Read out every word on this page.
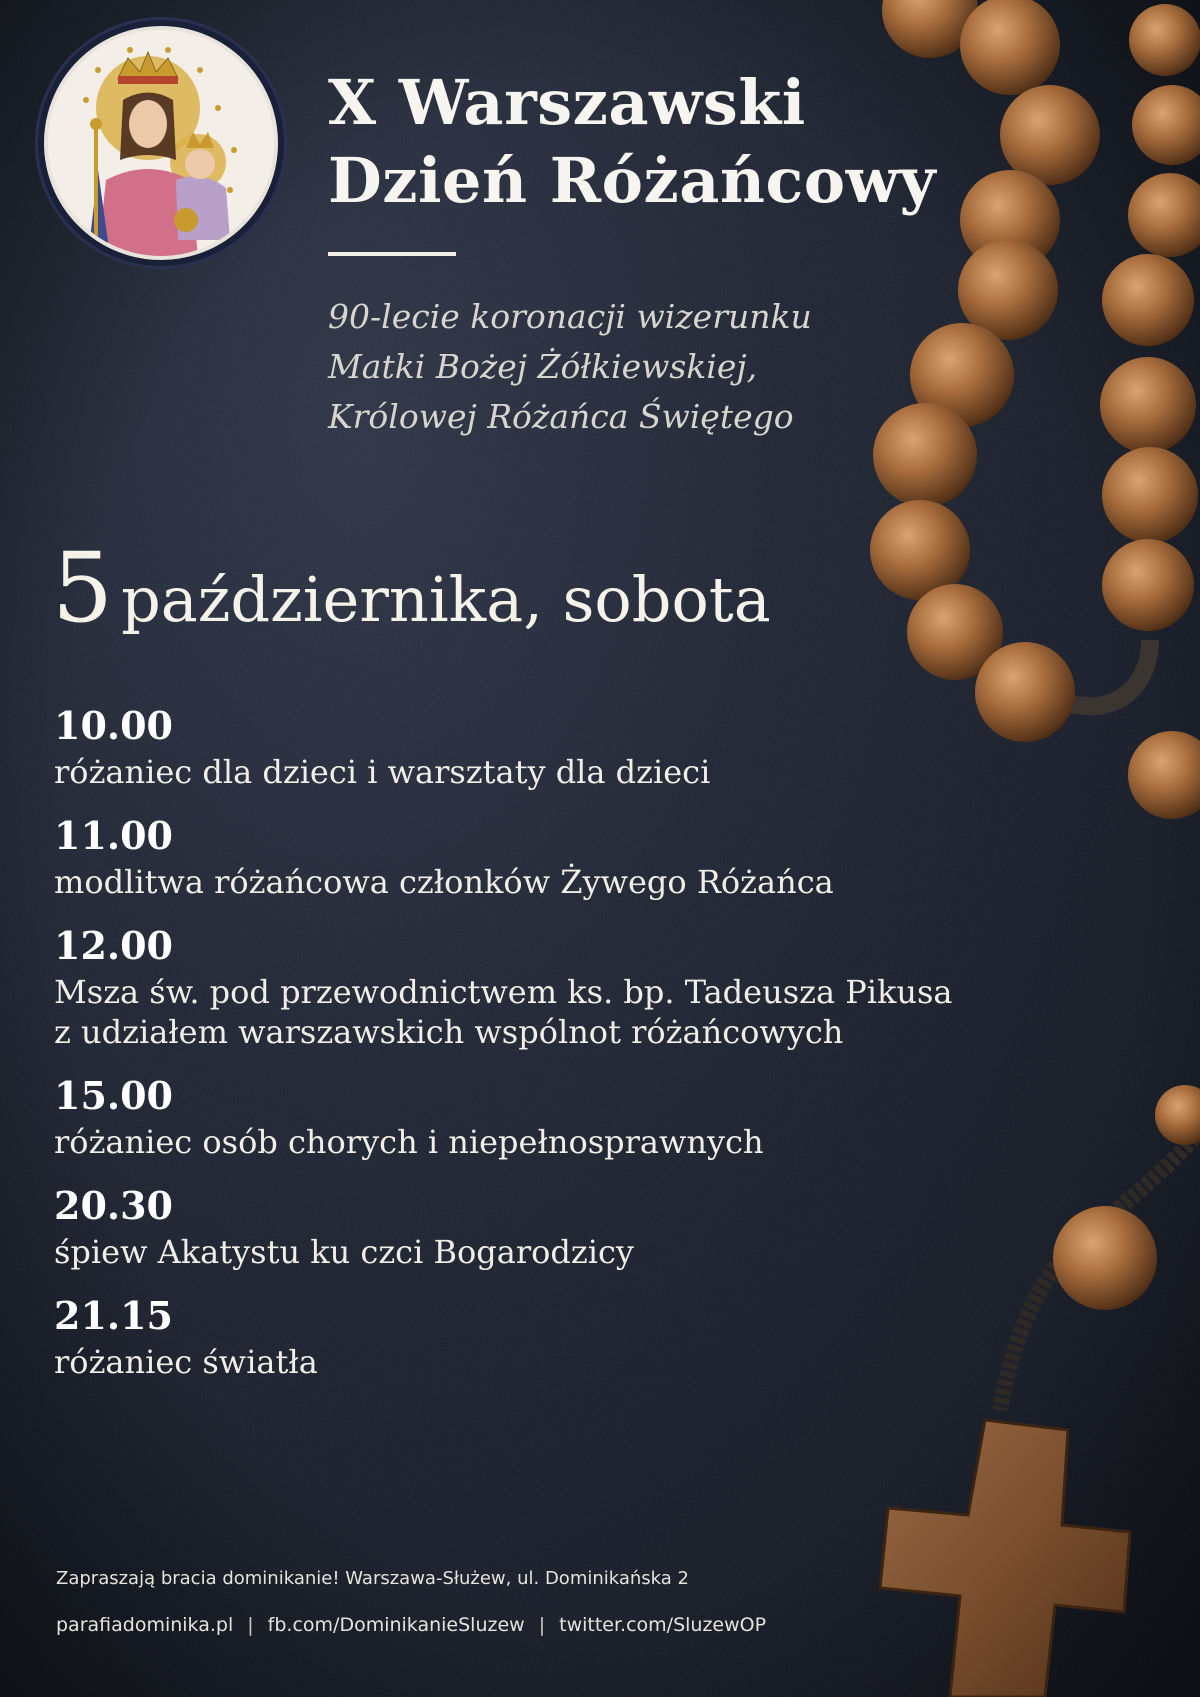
X Warszawski
Dzień Różańcowy

90-lecie koronacji wizerunku
Matki Bożej Żółkiewskiej,
Królowej Różańca Świętego

5 października, sobota
10.00
różaniec dla dzieci i warsztaty dla dzieci
11.00
modlitwa różańcowa członków Żywego Różańca
12.00
Msza św. pod przewodnictwem ks. bp. Tadeusza Pikusa
z udziałem warszawskich wspólnot różańcowych
15.00
różaniec osób chorych i niepełnosprawnych
20.30
śpiew Akatystu ku czci Bogarodzicy
21.15
różaniec światła
Zapraszają bracia dominikanie! Warszawa-Służew, ul. Dominikańska 2
parafiadominika.pl | fb.com/DominikanieSluzew | twitter.com/SluzewOP
